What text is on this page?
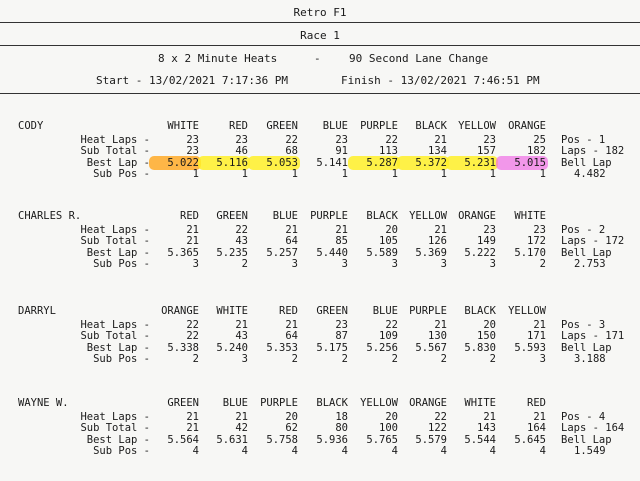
Retro F1
Race 1
8 x 2 Minute Heats	-	90 Second Lane Change
Start - 13/02/2021 7:17:36 PM	Finish - 13/02/2021 7:46:51 PM
CODY	WHITE	RED	GREEN	BLUE	PURPLE	BLACK	YELLOW	ORANGE
Heat Laps -	23	23	22	23	22	21	23	25
Sub Total -	23	46	68	91	113	134	157	182
Best Lap -	5.022	5.116	5.053	5.141	5.287	5.372	5.231	5.015
Sub Pos -	1	1	1	1	1	1	1	1
Pos - 1
Laps - 182
Bell Lap
4.482
CHARLES R.	RED	GREEN	BLUE	PURPLE	BLACK	YELLOW	ORANGE	WHITE
Heat Laps -	21	22	21	21	20	21	23	23
Sub Total -	21	43	64	85	105	126	149	172
Best Lap -	5.365	5.235	5.257	5.440	5.589	5.369	5.222	5.170
Sub Pos -	3	2	3	3	3	3	3	2
Pos - 2
Laps - 172
Bell Lap
2.753
DARRYL	ORANGE	WHITE	RED	GREEN	BLUE	PURPLE	BLACK	YELLOW
Heat Laps -	22	21	21	23	22	21	20	21
Sub Total -	22	43	64	87	109	130	150	171
Best Lap -	5.338	5.240	5.353	5.175	5.256	5.567	5.830	5.593
Sub Pos -	2	3	2	2	2	2	2	3
Pos - 3
Laps - 171
Bell Lap
3.188
WAYNE W.	GREEN	BLUE	PURPLE	BLACK	YELLOW	ORANGE	WHITE	RED
Heat Laps -	21	21	20	18	20	22	21	21
Sub Total -	21	42	62	80	100	122	143	164
Best Lap -	5.564	5.631	5.758	5.936	5.765	5.579	5.544	5.645
Sub Pos -	4	4	4	4	4	4	4	4
Pos - 4
Laps - 164
Bell Lap
1.549
